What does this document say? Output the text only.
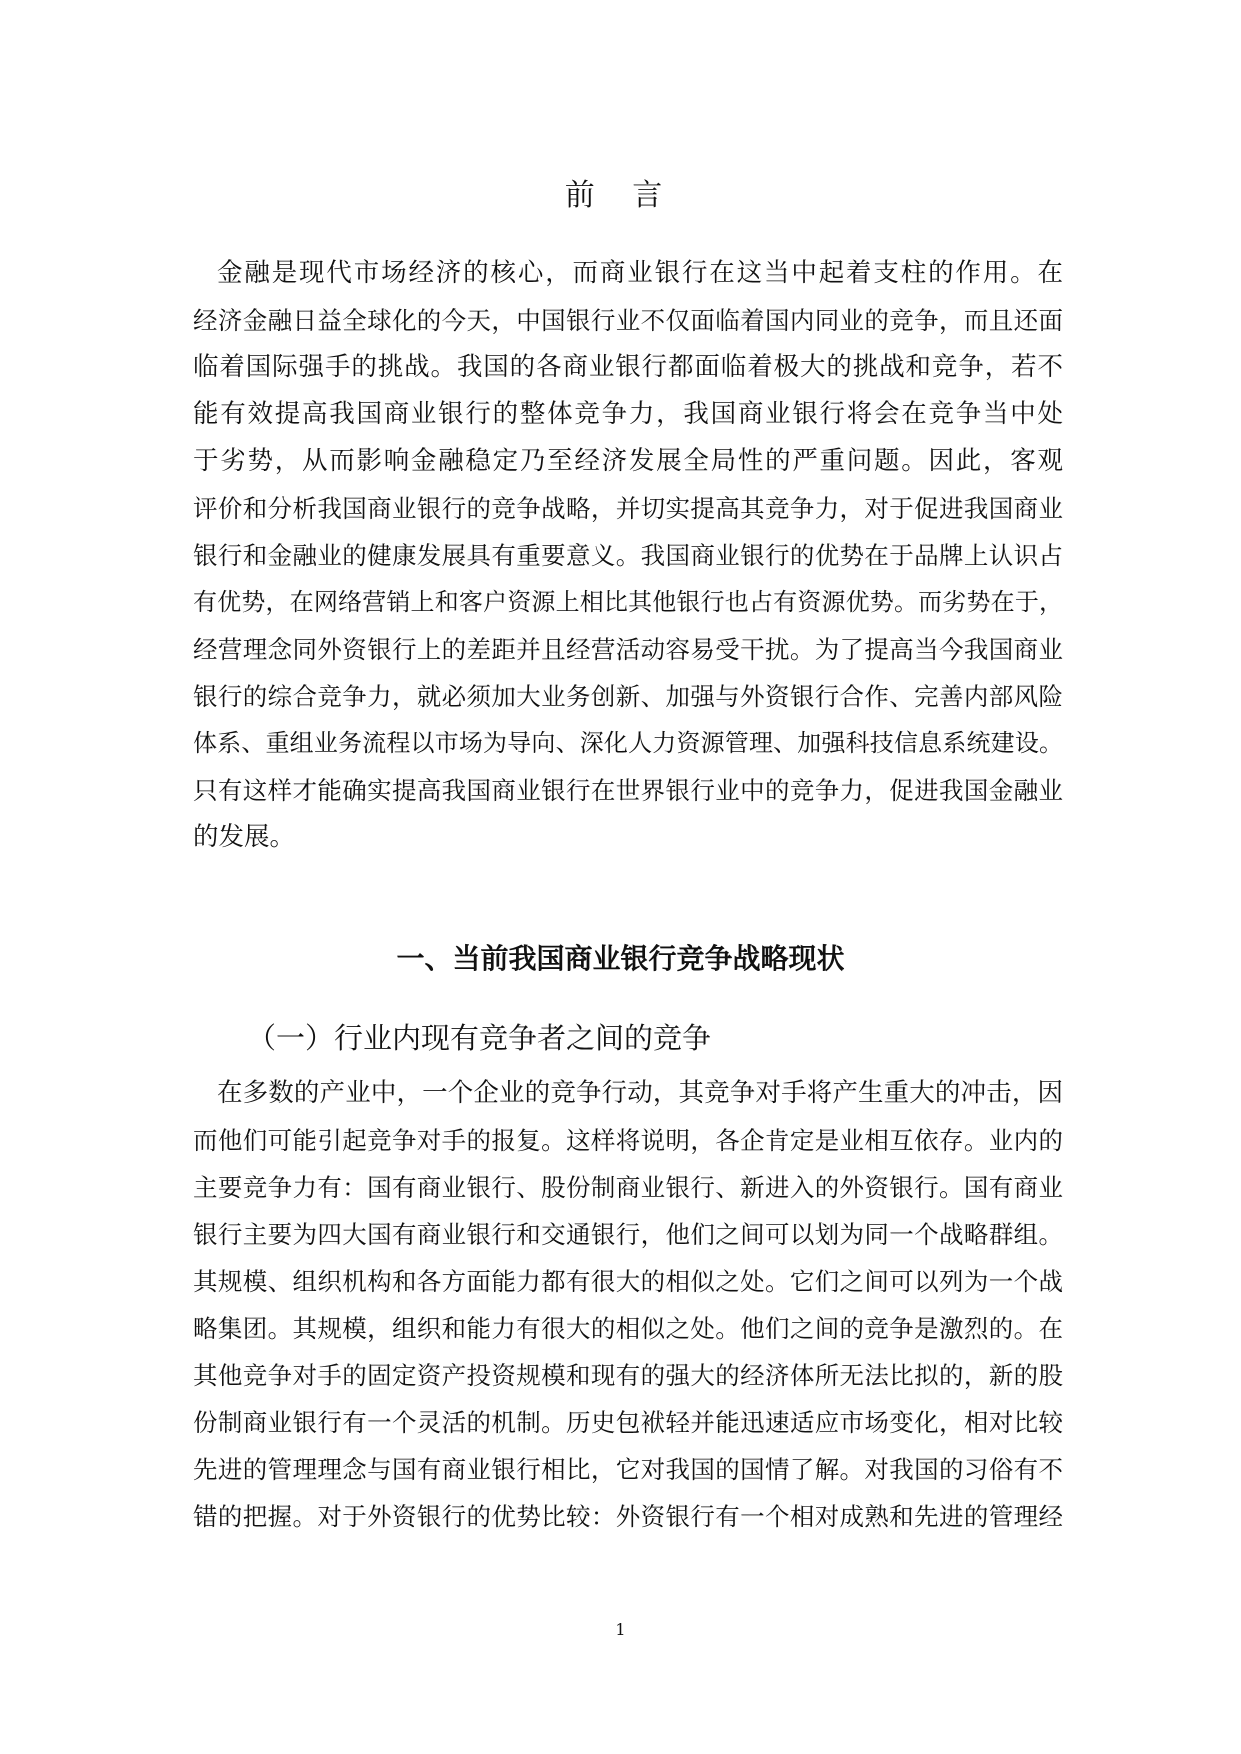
前 言
金融是现代市场经济的核心，而商业银行在这当中起着支柱的作用。在
经济金融日益全球化的今天，中国银行业不仅面临着国内同业的竞争，而且还面
临着国际强手的挑战。我国的各商业银行都面临着极大的挑战和竞争，若不
能有效提高我国商业银行的整体竞争力，我国商业银行将会在竞争当中处
于劣势，从而影响金融稳定乃至经济发展全局性的严重问题。因此，客观
评价和分析我国商业银行的竞争战略，并切实提高其竞争力，对于促进我国商业
银行和金融业的健康发展具有重要意义。我国商业银行的优势在于品牌上认识占
有优势，在网络营销上和客户资源上相比其他银行也占有资源优势。而劣势在于，
经营理念同外资银行上的差距并且经营活动容易受干扰。为了提高当今我国商业
银行的综合竞争力，就必须加大业务创新、加强与外资银行合作、完善内部风险
体系、重组业务流程以市场为导向、深化人力资源管理、加强科技信息系统建设。
只有这样才能确实提高我国商业银行在世界银行业中的竞争力，促进我国金融业
的发展。
一、当前我国商业银行竞争战略现状
（一）行业内现有竞争者之间的竞争
在多数的产业中，一个企业的竞争行动，其竞争对手将产生重大的冲击，因
而他们可能引起竞争对手的报复。这样将说明，各企肯定是业相互依存。业内的
主要竞争力有：国有商业银行、股份制商业银行、新进入的外资银行。国有商业
银行主要为四大国有商业银行和交通银行，他们之间可以划为同一个战略群组。
其规模、组织机构和各方面能力都有很大的相似之处。它们之间可以列为一个战
略集团。其规模，组织和能力有很大的相似之处。他们之间的竞争是激烈的。在
其他竞争对手的固定资产投资规模和现有的强大的经济体所无法比拟的，新的股
份制商业银行有一个灵活的机制。历史包袱轻并能迅速适应市场变化，相对比较
先进的管理理念与国有商业银行相比，它对我国的国情了解。对我国的习俗有不
错的把握。对于外资银行的优势比较：外资银行有一个相对成熟和先进的管理经
1
